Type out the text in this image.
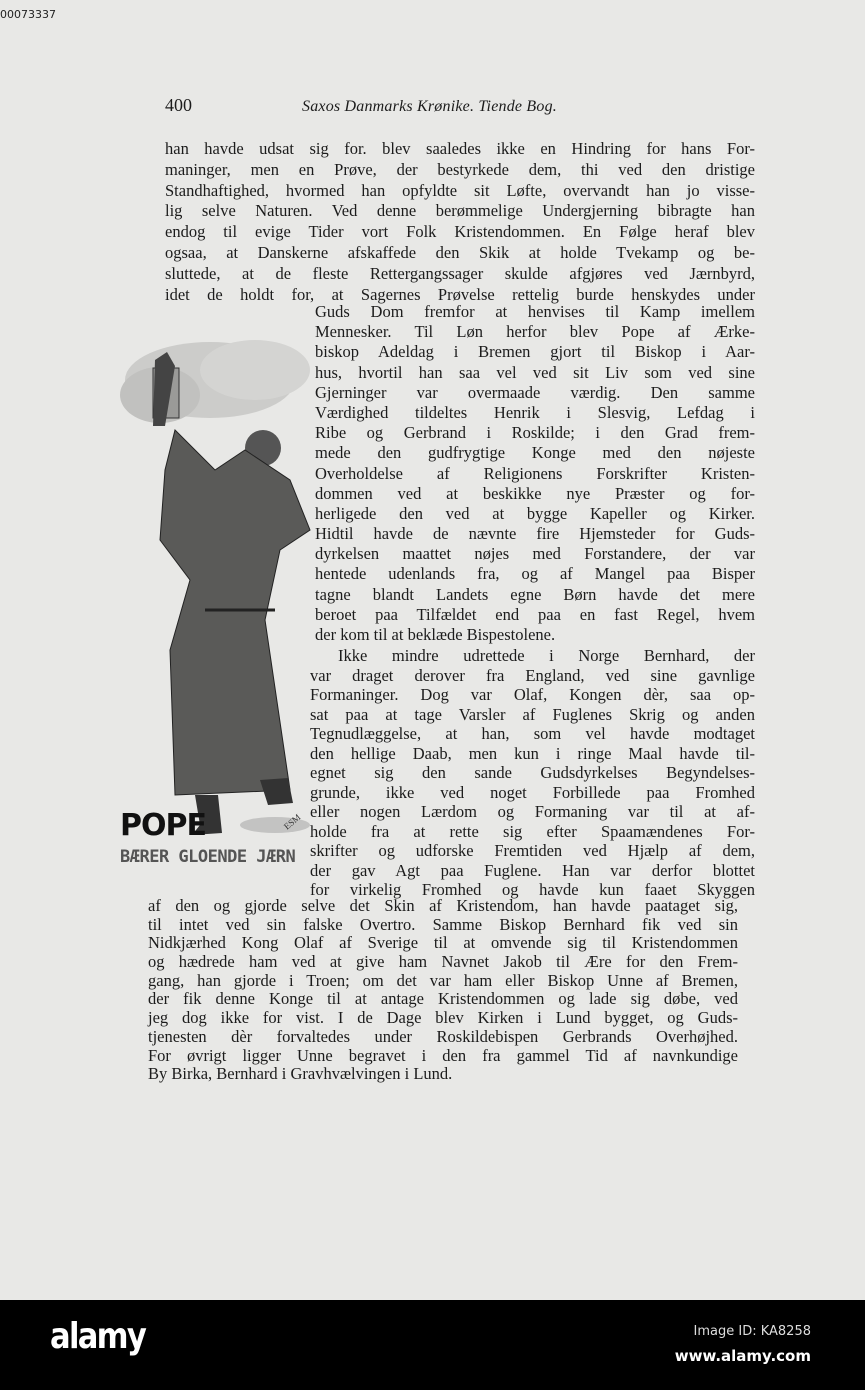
00073337
400	Saxos Danmarks Krønike. Tiende Bog.
han havde udsat sig for. blev saaledes ikke en Hindring for hans For-
maninger, men en Prøve, der bestyrkede dem, thi ved den dristige
Standhaftighed, hvormed han opfyldte sit Løfte, overvandt han jo visse-
lig selve Naturen. Ved denne berømmelige Undergjerning bibragte han
endog til evige Tider vort Folk Kristendommen. En Følge heraf blev
ogsaa, at Danskerne afskaffede den Skik at holde Tvekamp og be-
sluttede, at de fleste Rettergangssager skulde afgjøres ved Jærnbyrd,
idet de holdt for, at Sagernes Prøvelse rettelig burde henskydes under
Guds Dom fremfor at henvises til Kamp imellem
Mennesker. Til Løn herfor blev Pope af Ærke-
biskop Adeldag i Bremen gjort til Biskop i Aar-
hus, hvortil han saa vel ved sit Liv som ved sine
Gjerninger var overmaade værdig. Den samme
Værdighed tildeltes Henrik i Slesvig, Lefdag i
Ribe og Gerbrand i Roskilde; i den Grad frem-
mede den gudfrygtige Konge med den nøjeste
Overholdelse af Religionens Forskrifter Kristen-
dommen ved at beskikke nye Præster og for-
herligede den ved at bygge Kapeller og Kirker.
Hidtil havde de nævnte fire Hjemsteder for Guds-
dyrkelsen maattet nøjes med Forstandere, der var
hentede udenlands fra, og af Mangel paa Bisper
tagne blandt Landets egne Børn havde det mere
beroet paa Tilfældet end paa en fast Regel, hvem
der kom til at beklæde Bispestolene.
Ikke mindre udrettede i Norge Bernhard, der
var draget derover fra England, ved sine gavnlige
Formaninger. Dog var Olaf, Kongen dèr, saa op-
sat paa at tage Varsler af Fuglenes Skrig og anden
Tegnudlæggelse, at han, som vel havde modtaget
den hellige Daab, men kun i ringe Maal havde til-
egnet sig den sande Gudsdyrkelses Begyndelses-
grunde, ikke ved noget Forbillede paa Fromhed
eller nogen Lærdom og Formaning var til at af-
holde fra at rette sig efter Spaamændenes For-
skrifter og udforske Fremtiden ved Hjælp af dem,
der gav Agt paa Fuglene. Han var derfor blottet
for virkelig Fromhed og havde kun faaet Skyggen
af den og gjorde selve det Skin af Kristendom, han havde paataget sig,
til intet ved sin falske Overtro. Samme Biskop Bernhard fik ved sin
Nidkjærhed Kong Olaf af Sverige til at omvende sig til Kristendommen
og hædrede ham ved at give ham Navnet Jakob til Ære for den Frem-
gang, han gjorde i Troen; om det var ham eller Biskop Unne af Bremen,
der fik denne Konge til at antage Kristendommen og lade sig døbe, ved
jeg dog ikke for vist. I de Dage blev Kirken i Lund bygget, og Guds-
tjenesten dèr forvaltedes under Roskildebispen Gerbrands Overhøjhed.
For øvrigt ligger Unne begravet i den fra gammel Tid af navnkundige
By Birka, Bernhard i Gravhvælvingen i Lund.
ESM
POPE
BÆRER GLOENDE JÆRN
alamy	Image ID: KA8258
www.alamy.com
